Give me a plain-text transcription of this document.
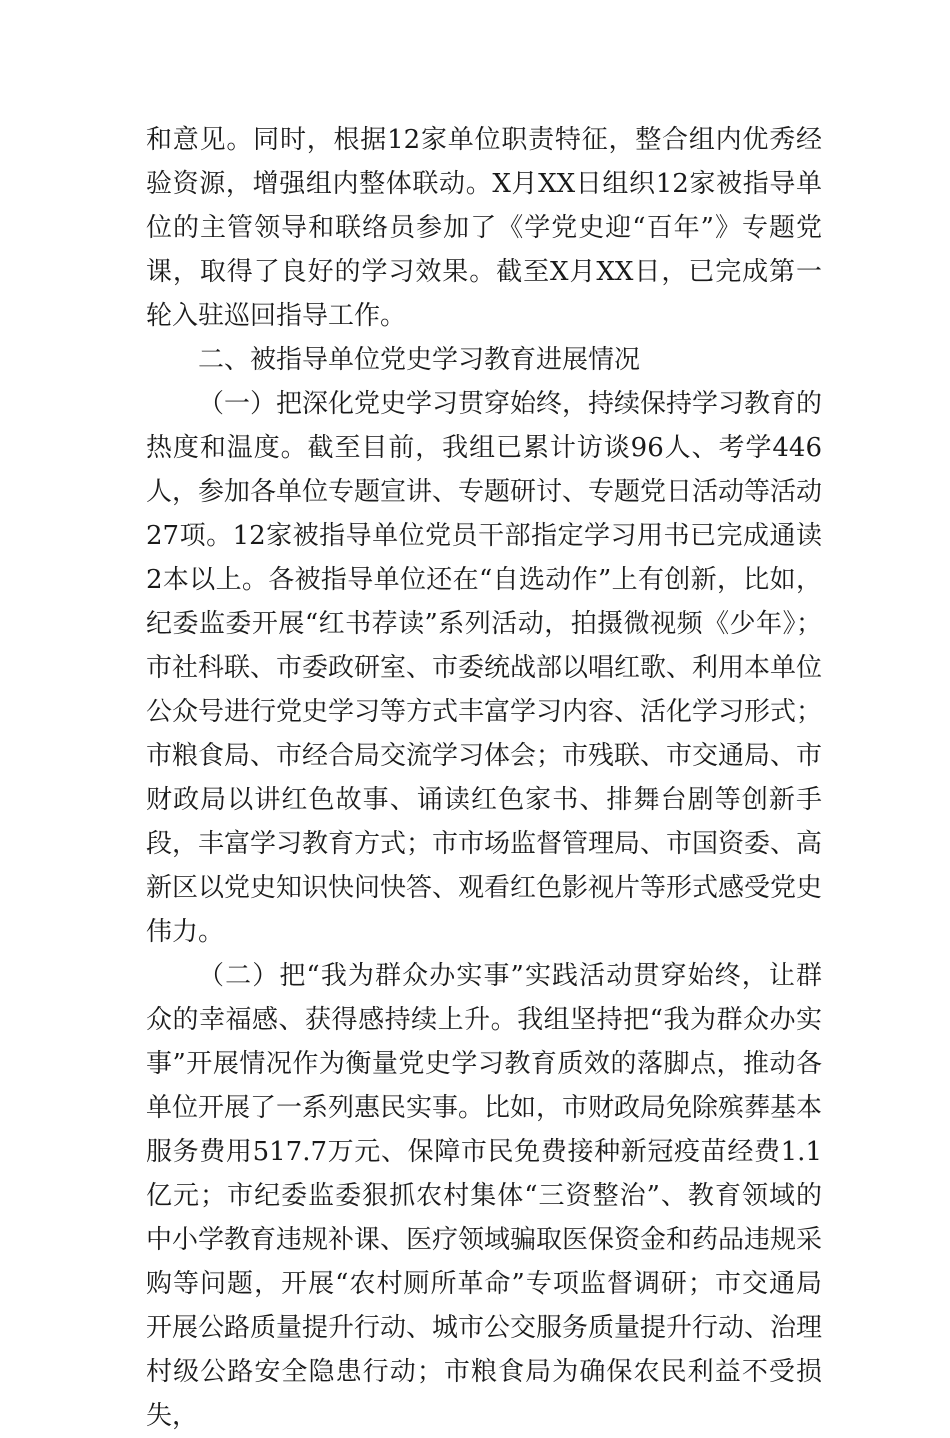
和意见。同时，根据12家单位职责特征，整合组内优秀经验资源，增强组内整体联动。X月XX日组织12家被指导单位的主管领导和联络员参加了《学党史迎“百年”》专题党课，取得了良好的学习效果。截至X月XX日，已完成第一轮入驻巡回指导工作。

二、被指导单位党史学习教育进展情况

（一）把深化党史学习贯穿始终，持续保持学习教育的热度和温度。截至目前，我组已累计访谈96人、考学446人，参加各单位专题宣讲、专题研讨、专题党日活动等活动27项。12家被指导单位党员干部指定学习用书已完成通读2本以上。各被指导单位还在“自选动作”上有创新，比如，纪委监委开展“红书荐读”系列活动，拍摄微视频《少年》；市社科联、市委政研室、市委统战部以唱红歌、利用本单位公众号进行党史学习等方式丰富学习内容、活化学习形式；市粮食局、市经合局交流学习体会；市残联、市交通局、市财政局以讲红色故事、诵读红色家书、排舞台剧等创新手段，丰富学习教育方式；市市场监督管理局、市国资委、高新区以党史知识快问快答、观看红色影视片等形式感受党史伟力。

（二）把“我为群众办实事”实践活动贯穿始终，让群众的幸福感、获得感持续上升。我组坚持把“我为群众办实事”开展情况作为衡量党史学习教育质效的落脚点，推动各单位开展了一系列惠民实事。比如，市财政局免除殡葬基本服务费用517.7万元、保障市民免费接种新冠疫苗经费1.1亿元；市纪委监委狠抓农村集体“三资整治”、教育领域的中小学教育违规补课、医疗领域骗取医保资金和药品违规采购等问题，开展“农村厕所革命”专项监督调研；市交通局开展公路质量提升行动、城市公交服务质量提升行动、治理村级公路安全隐患行动；市粮食局为确保农民利益不受损失，
